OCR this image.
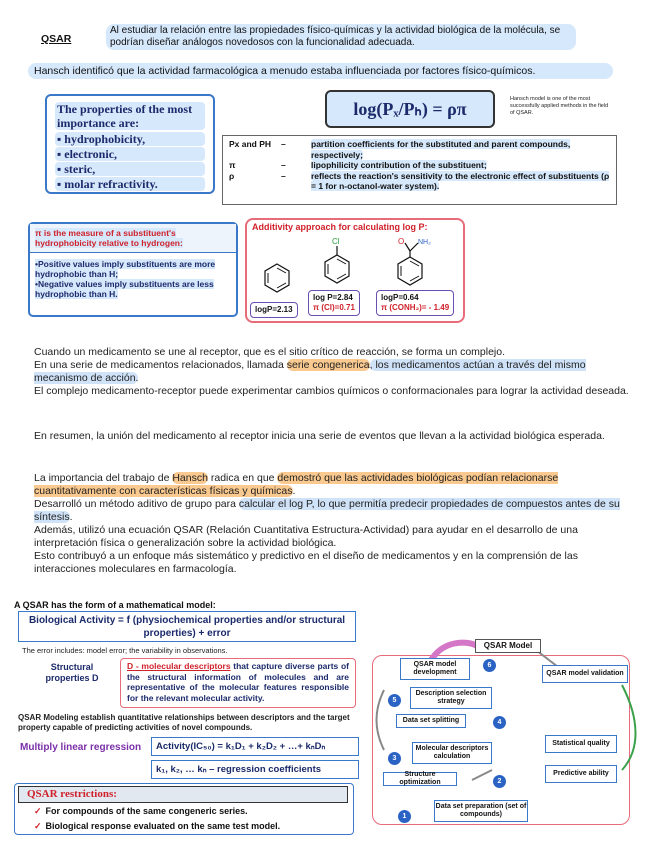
QSAR
Al estudiar la relación entre las propiedades físico-químicas y la actividad biológica de la molécula, se podrían diseñar análogos novedosos con la funcionalidad adecuada.
Hansch identificó que la actividad farmacológica a menudo estaba influenciada por factores físico-químicos.
The properties of the most importance are:
▪ hydrophobicity,
▪ electronic,
▪ steric,
▪ molar refractivity.
log(Pₓ/Pₕ) = ρπ	Hansch model is one of the most successfully applied methods in the field of QSAR.
Px and PH	–	partition coefficients for the substituted and parent compounds, respectively;
π	–	lipophilicity contribution of the substituent;
ρ	–	reflects the reaction's sensitivity to the electronic effect of substituents (ρ = 1 for n-octanol-water system).
π is the measure of a substituent's hydrophobicity relative to hydrogen:

•Positive values imply substituents are more hydrophobic than H;

•Negative values imply substituents are less hydrophobic than H.

Additivity approach for calculating log P:
logP=2.13
Cl
log P=2.84
π (Cl)=0.71
O NH₂
logP=0.64
π (CONH₂)= - 1.49
Cuando un medicamento se une al receptor, que es el sitio crítico de reacción, se forma un complejo.
En una serie de medicamentos relacionados, llamada serie congenerica, los medicamentos actúan a través del mismo mecanismo de acción.
El complejo medicamento-receptor puede experimentar cambios químicos o conformacionales para lograr la actividad deseada.
En resumen, la unión del medicamento al receptor inicia una serie de eventos que llevan a la actividad biológica esperada.
La importancia del trabajo de Hansch radica en que demostró que las actividades biológicas podían relacionarse cuantitativamente con características físicas y químicas.
Desarrolló un método aditivo de grupo para calcular el log P, lo que permitía predecir propiedades de compuestos antes de su síntesis.
Además, utilizó una ecuación QSAR (Relación Cuantitativa Estructura-Actividad) para ayudar en el desarrollo de una interpretación física o generalización sobre la actividad biológica.
Esto contribuyó a un enfoque más sistemático y predictivo en el diseño de medicamentos y en la comprensión de las interacciones moleculares en farmacología.
A QSAR has the form of a mathematical model:
Biological Activity = f (physiochemical properties and/or structural properties) + error
The error includes: model error; the variability in observations.
Structural properties D
D - molecular descriptors that capture diverse parts of the structural information of molecules and are representative of the molecular features responsible for the relevant molecular activity.
QSAR Modeling establish quantitative relationships between descriptors and the target property capable of predicting activities of novel compounds.
Multiply linear regression	Activity(IC₅₀) = k₁D₁ + k₂D₂ + …+ kₙDₙ
k₁, k₂, … kₙ – regression coefficients
QSAR restrictions:
✓ For compounds of the same congeneric series.
✓ Biological response evaluated on the same test model.
QSAR Model
QSAR model development
6
Description selection strategy
5
Data set splitting	4
Molecular descriptors calculation
3
Structure optimization	2
Data set preparation (set of compounds)
1
QSAR model validation
Statistical quality
Predictive ability
